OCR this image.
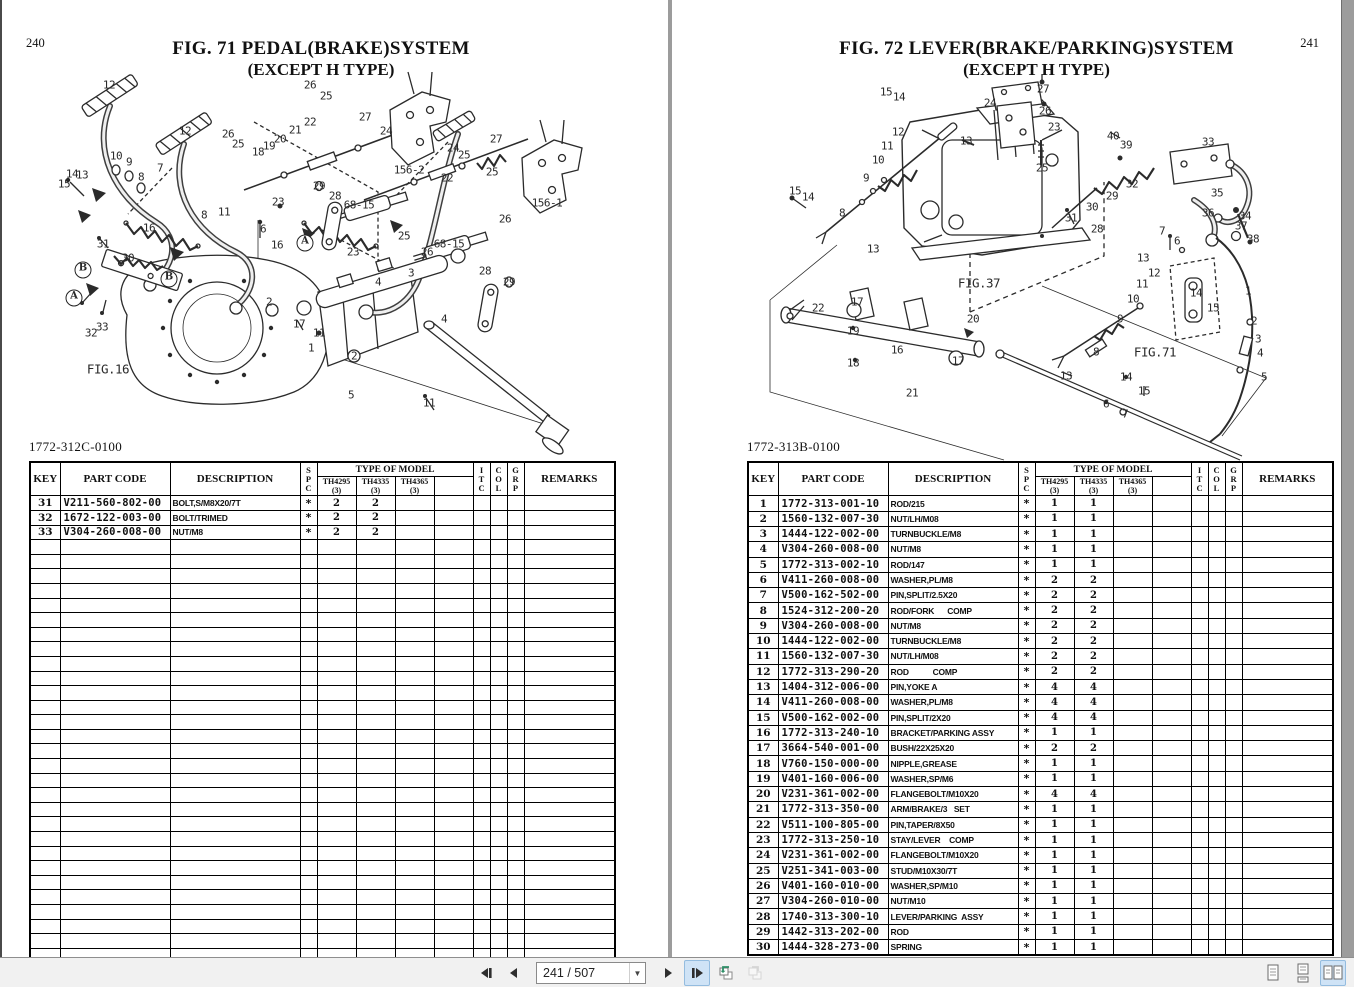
240	FIG. 71 PEDAL(BRAKE)SYSTEM
(EXCEPT H TYPE)
12	26
25
27
24
156-2
12	26
25
18
19
20
21
22
27
24
25
22	25
26
156-1
68-15
28
29
23
11
8
6
16
10 9
8
7
14
13
15
16
31
30
32
33
FIG.16
68-15
25
26
3	28
29
4
4
23
2
17
11
1
2
5
11
A
B
B
A
1772-312C-0100
KEY	PART CODE	DESCRIPTION	S
P
C	TYPE OF MODEL				I
T
C	C
O
L	G
R
P	REMARKS
				TH4295
(3)	TH4335
(3)	TH4365
(3)					

31	V211-560-802-00	BOLT,S/M8X20/7T	*	2	2						
32	1672-122-003-00	BOLT/TRIMED	*	2	2						
33	V304-260-008-00	NUT/M8	*	2	2						

241
FIG. 72 LEVER(BRAKE/PARKING)SYSTEM
(EXCEPT H TYPE)
15 14
27
24
26
23
13
25
12
11
10
9
8
15 14
13
40
39	33
32
29
30
28
31
35
36 34
37
38
7
6
13
12
11
10	14
15
1
22 17
19
16
18
21
20
17
FIG.37
FIG.71
13
8
9
6
7
14
15
2
3
4
5
1772-313B-0100
KEY	PART CODE	DESCRIPTION	S
P
C	TYPE OF MODEL				I
T
C	C
O
L	G
R
P	REMARKS
				TH4295
(3)	TH4335
(3)	TH4365
(3)					

1	1772-313-001-10	ROD/215	*	1	1						
2	1560-132-007-30	NUT/LH/M08	*	1	1						
3	1444-122-002-00	TURNBUCKLE/M8	*	1	1						
4	V304-260-008-00	NUT/M8	*	1	1						
5	1772-313-002-10	ROD/147	*	1	1						
6	V411-260-008-00	WASHER,PL/M8	*	2	2						
7	V500-162-502-00	PIN,SPLIT/2.5X20	*	2	2						
8	1524-312-200-20	ROD/FORK      COMP	*	2	2						
9	V304-260-008-00	NUT/M8	*	2	2						
10	1444-122-002-00	TURNBUCKLE/M8	*	2	2						
11	1560-132-007-30	NUT/LH/M08	*	2	2						
12	1772-313-290-20	ROD           COMP	*	2	2						
13	1404-312-006-00	PIN,YOKE A	*	4	4						
14	V411-260-008-00	WASHER,PL/M8	*	4	4						
15	V500-162-002-00	PIN,SPLIT/2X20	*	4	4						
16	1772-313-240-10	BRACKET/PARKING ASSY	*	1	1						
17	3664-540-001-00	BUSH/22X25X20	*	2	2						
18	V760-150-000-00	NIPPLE,GREASE	*	1	1						
19	V401-160-006-00	WASHER,SP/M6	*	1	1						
20	V231-361-002-00	FLANGEBOLT/M10X20	*	4	4						
21	1772-313-350-00	ARM/BRAKE/3   SET	*	1	1						
22	V511-100-805-00	PIN,TAPER/8X50	*	1	1						
23	1772-313-250-10	STAY/LEVER    COMP	*	1	1						
24	V231-361-002-00	FLANGEBOLT/M10X20	*	1	1						
25	V251-341-003-00	STUD/M10X30/7T	*	1	1						
26	V401-160-010-00	WASHER,SP/M10	*	1	1						
27	V304-260-010-00	NUT/M10	*	1	1						
28	1740-313-300-10	LEVER/PARKING  ASSY	*	1	1						
29	1442-313-202-00	ROD	*	1	1						
30	1444-328-273-00	SPRING	*	1	1						
241 / 507	▼
